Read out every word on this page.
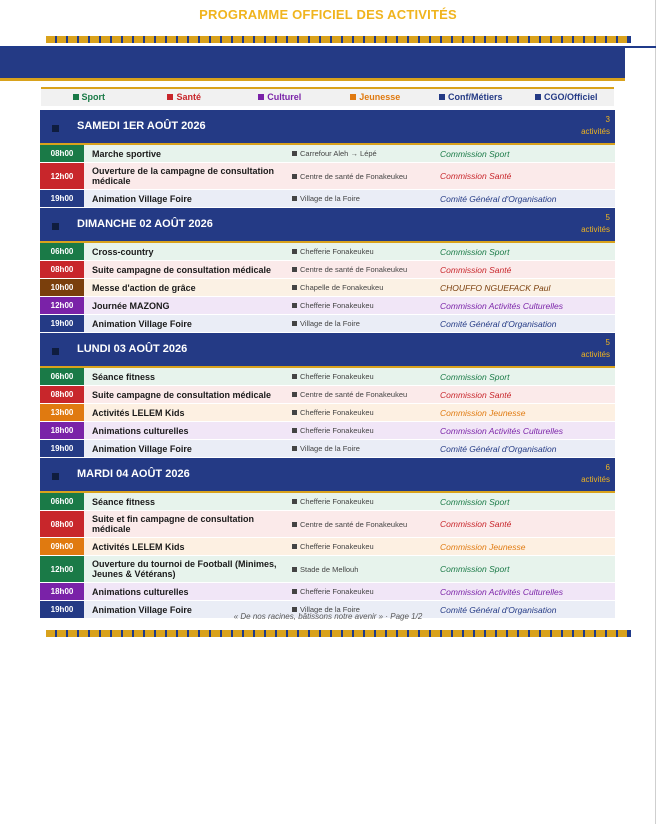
PROGRAMME OFFICIEL DES ACTIVITÉS
Sport	Santé	Culturel	Jeunesse	Conf/Métiers	CGO/Officiel
SAMEDI 1ER AOÛT 2026
3 activités
08h00	Marche sportive	Carrefour Aleh → Lépé	Commission Sport
12h00	Ouverture de la campagne de consultation médicale	Centre de santé de Fonakeukeu	Commission Santé
19h00	Animation Village Foire	Village de la Foire	Comité Général d'Organisation
DIMANCHE 02 AOÛT 2026
5 activités
06h00	Cross-country	Chefferie Fonakeukeu	Commission Sport
08h00	Suite campagne de consultation médicale	Centre de santé de Fonakeukeu	Commission Santé
10h00	Messe d'action de grâce	Chapelle de Fonakeukeu	CHOUFFO NGUEFACK Paul
12h00	Journée MAZONG	Chefferie Fonakeukeu	Commission Activités Culturelles
19h00	Animation Village Foire	Village de la Foire	Comité Général d'Organisation
LUNDI 03 AOÛT 2026
5 activités
06h00	Séance fitness	Chefferie Fonakeukeu	Commission Sport
08h00	Suite campagne de consultation médicale	Centre de santé de Fonakeukeu	Commission Santé
13h00	Activités LELEM Kids	Chefferie Fonakeukeu	Commission Jeunesse
18h00	Animations culturelles	Chefferie Fonakeukeu	Commission Activités Culturelles
19h00	Animation Village Foire	Village de la Foire	Comité Général d'Organisation
MARDI 04 AOÛT 2026
6 activités
06h00	Séance fitness	Chefferie Fonakeukeu	Commission Sport
08h00	Suite et fin campagne de consultation médicale	Centre de santé de Fonakeukeu	Commission Santé
09h00	Activités LELEM Kids	Chefferie Fonakeukeu	Commission Jeunesse
12h00	Ouverture du tournoi de Football (Minimes, Jeunes & Vétérans)	Stade de Mellouh	Commission Sport
18h00	Animations culturelles	Chefferie Fonakeukeu	Commission Activités Culturelles
19h00	Animation Village Foire	Village de la Foire	Comité Général d'Organisation
« De nos racines, bâtissons notre avenir » · Page 1/2
